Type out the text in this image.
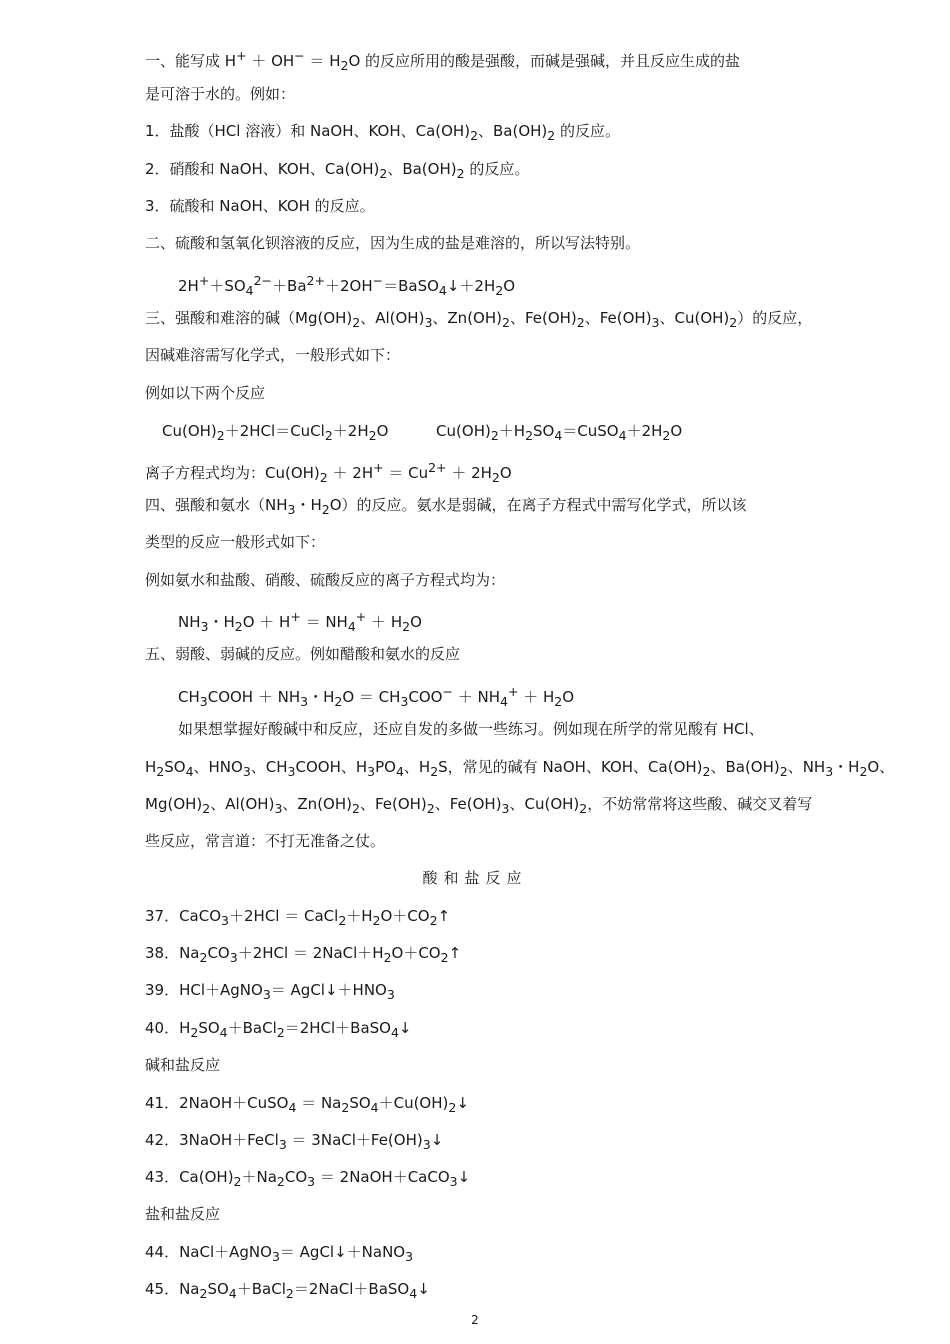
一、能写成 $H^+ + OH^- = H_2O$ 的反应所用的酸是强酸，而碱是强碱，并且反应生成的盐
是可溶于水的。例如：
1．盐酸（HCl 溶液）和 NaOH、KOH、$Ca(OH)_2$、$Ba(OH)_2$ 的反应。
2．硝酸和 NaOH、KOH、$Ca(OH)_2$、$Ba(OH)_2$ 的反应。
3．硫酸和 NaOH、KOH 的反应。
二、硫酸和氢氧化钡溶液的反应，因为生成的盐是难溶的，所以写法特别。
$2H^++SO_4^{2-}+Ba^{2+}+2OH^-=BaSO_4↓+2H_2O$
三、强酸和难溶的碱（$Mg(OH)_2$、$Al(OH)_3$、$Zn(OH)_2$、$Fe(OH)_2$、$Fe(OH)_3$、$Cu(OH)_2$）的反应，
因碱难溶需写化学式，一般形式如下：
例如以下两个反应
$Cu(OH)_2+2HCl=CuCl_2+2H_2O$          $Cu(OH)_2+H_2SO_4=CuSO_4+2H_2O$
离子方程式均为：$Cu(OH)_2 + 2H^+ = Cu^{2+} + 2H_2O$
四、强酸和氨水（$NH_3$・$H_2O$）的反应。氨水是弱碱，在离子方程式中需写化学式，所以该
类型的反应一般形式如下：
例如氨水和盐酸、硝酸、硫酸反应的离子方程式均为：
$NH_3$・$H_2O + H^+ = NH_4^+ + H_2O$
五、弱酸、弱碱的反应。例如醋酸和氨水的反应
$CH_3COOH + NH_3$・$H_2O = CH_3COO^- + NH_4^+ + H_2O$
如果想掌握好酸碱中和反应，还应自发的多做一些练习。例如现在所学的常见酸有 HCl、
$H_2SO_4$、$HNO_3$、$CH_3COOH$、$H_3PO_4$、$H_2S$，常见的碱有 NaOH、KOH、$Ca(OH)_2$、$Ba(OH)_2$、$NH_3$・$H_2O$、
$Mg(OH)_2$、$Al(OH)_3$、$Zn(OH)_2$、$Fe(OH)_2$、$Fe(OH)_3$、$Cu(OH)_2$，不妨常常将这些酸、碱交叉着写
些反应，常言道：不打无准备之仗。
酸和盐反应
37．CaCO$_3$＋2HCl ＝ $CaCl_2+H_2O+CO_2↑$
38．$Na_2CO_3+2HCl$ ＝ $2NaCl+H_2O+CO_2↑$
39．HCl＋AgNO$_3$＝ $AgCl↓+HNO_3$
40．$H_2SO_4+BaCl_2=2HCl+BaSO_4↓$
碱和盐反应
41．2NaOH＋CuSO$_4$ ＝ $Na_2SO_4+Cu(OH)_2↓$
42．3NaOH＋FeCl$_3$ ＝ $3NaCl+Fe(OH)_3↓$
43．$Ca(OH)_2+Na_2CO_3$ ＝ 2NaOH＋CaCO$_3$↓
盐和盐反应
44．NaCl＋AgNO$_3$＝ AgCl↓＋NaNO$_3$
45．$Na_2SO_4+BaCl_2=2NaCl+BaSO_4↓$
2
